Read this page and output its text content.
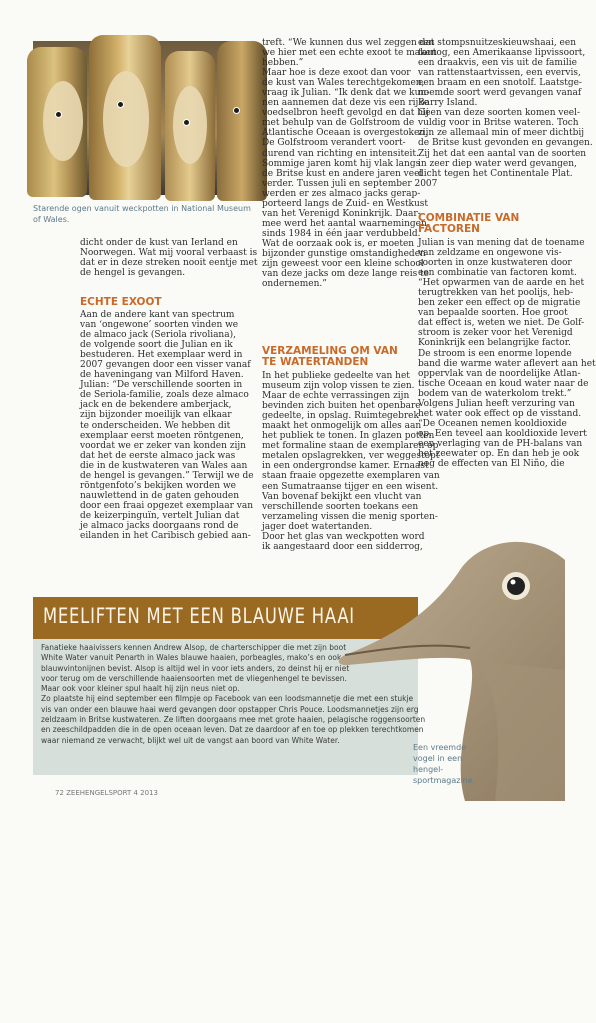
Starende ogen vanuit weckpotten in National Museum of Wales.
dicht onder de kust van Ierland en
Noorwegen. Wat mij vooral verbaast is
dat er in deze streken nooit eentje met
de hengel is gevangen.
ECHTE EXOOT
Aan de andere kant van spectrum
van ‘ongewone’ soorten vinden we
de almaco jack (Seriola rivoliana),
de volgende soort die Julian en ik
bestuderen. Het exemplaar werd in
2007 gevangen door een visser vanaf
de haveningang van Milford Haven.
Julian: “De verschillende soorten in
de Seriola-familie, zoals deze almaco
jack en de bekendere amberjack,
zijn bijzonder moeilijk van elkaar
te onderscheiden. We hebben dit
exemplaar eerst moeten röntgenen,
voordat we er zeker van konden zijn
dat het de eerste almaco jack was
die in de kustwateren van Wales aan
de hengel is gevangen.” Terwijl we de
röntgenfoto’s bekijken worden we
nauwlettend in de gaten gehouden
door een fraai opgezet exemplaar van
de keizerpinguïn, vertelt Julian dat
je almaco jacks doorgaans rond de
eilanden in het Caribisch gebied aan-
treft. “We kunnen dus wel zeggen dat
we hier met een echte exoot te maken
hebben.”
Maar hoe is deze exoot dan voor
de kust van Wales terechtgekomen,
vraag ik Julian. “Ik denk dat we kun-
nen aannemen dat deze vis een rijke
voedselbron heeft gevolgd en dat hij
met behulp van de Golfstroom de
Atlantische Oceaan is overgestoken.
De Golfstroom verandert voort-
durend van richting en intensiteit.
Sommige jaren komt hij vlak langs
de Britse kust en andere jaren veel
verder. Tussen juli en september 2007
werden er zes almaco jacks gerap-
porteerd langs de Zuid- en Westkust
van het Verenigd Koninkrijk. Daar-
mee werd het aantal waarnemingen
sinds 1984 in één jaar verdubbeld.
Wat de oorzaak ook is, er moeten
bijzonder gunstige omstandigheden
zijn geweest voor een kleine school
van deze jacks om deze lange reis te
ondernemen.”
VERZAMELING OM VAN TE WATERTANDEN
In het publieke gedeelte van het
museum zijn volop vissen te zien.
Maar de echte verrassingen zijn
bevinden zich buiten het openbare
gedeelte, in opslag. Ruimtegebrek
maakt het onmogelijk om alles aan
het publiek te tonen. In glazen potten
met formaline staan de exemplaren op
metalen opslagrekken, ver weggestopt
in een ondergrondse kamer. Ernaast
staan fraaie opgezette exemplaren van
een Sumatraanse tijger en een wisent.
Van bovenaf bekijkt een vlucht van
verschillende soorten toekans een
verzameling vissen die menig sporten-
jager doet watertanden.
Door het glas van weckpotten word
ik aangestaard door een sidderrog,
een stompsnuitzeskieuwshaai, een
tautog, een Amerikaanse lipvissoort,
een draakvis, een vis uit de familie
van rattenstaartvissen, een evervis,
een braam en een snotolf. Laatstge-
noemde soort werd gevangen vanaf
Barry Island.
Geen van deze soorten komen veel-
vuldig voor in Britse wateren. Toch
zijn ze allemaal min of meer dichtbij
de Britse kust gevonden en gevangen.
Zij het dat een aantal van de soorten
in zeer diep water werd gevangen,
dicht tegen het Continentale Plat.
COMBINATIE VAN FACTOREN
Julian is van mening dat de toename
van zeldzame en ongewone vis-
soorten in onze kustwateren door
een combinatie van factoren komt.
“Het opwarmen van de aarde en het
terugtrekken van het poolijs, heb-
ben zeker een effect op de migratie
van bepaalde soorten. Hoe groot
dat effect is, weten we niet. De Golf-
stroom is zeker voor het Verenigd
Koninkrijk een belangrijke factor.
De stroom is een enorme lopende
band die warme water aflevert aan het
oppervlak van de noordelijke Atlan-
tische Oceaan en koud water naar de
bodem van de waterkolom trekt.”
Volgens Julian heeft verzuring van
het water ook effect op de visstand.
“De Oceanen nemen kooldioxide
op. Een teveel aan kooldioxide levert
een verlaging van de PH-balans van
het zeewater op. En dan heb je ook
nog de effecten van El Niño, die
MEELIFTEN MET EEN BLAUWE HAAI
Fanatieke haaivissers kennen Andrew Alsop, de charterschipper die met zijn boot
White Water vanuit Penarth in Wales blauwe haaien, porbeagles, mako’s en ook
blauwvintonijnen bevist. Alsop is altijd wel in voor iets anders, zo deinst hij er niet
voor terug om de verschillende haaiensoorten met de vliegenhengel te bevissen.
Maar ook voor kleiner spul haalt hij zijn neus niet op.
Zo plaatste hij eind september een filmpje op Facebook van een loodsmannetje die met een stukje
vis van onder een blauwe haai werd gevangen door opstapper Chris Pouce. Loodsmannetjes zijn erg
zeldzaam in Britse kustwateren. Ze liften doorgaans mee met grote haaien, pelagische roggensoorten
en zeeschildpadden die in de open oceaan leven. Dat ze daardoor af en toe op plekken terechtkomen
waar niemand ze verwacht, blijkt wel uit de vangst aan boord van White Water.
Een vreemde vogel in een hengel-sportmagazine.
72 ZEEHENGELSPORT 4 2013
